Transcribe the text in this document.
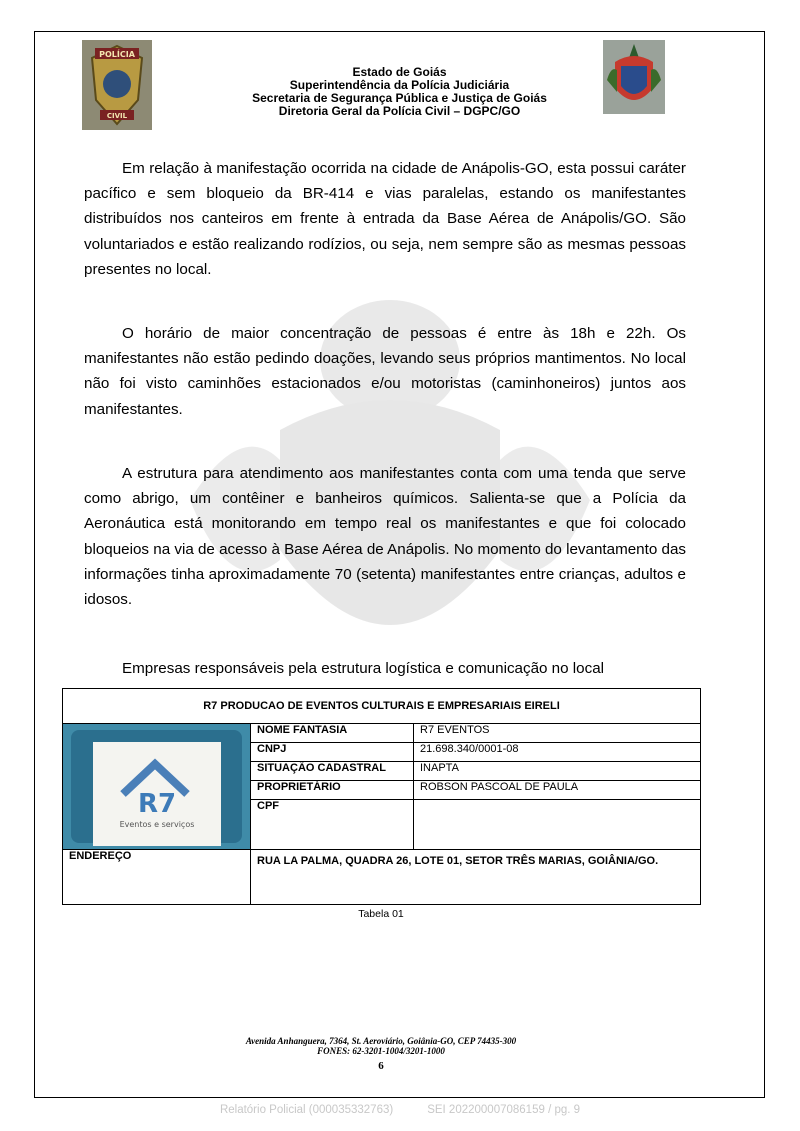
POLÍCIA
CIVIL
Estado de Goiás
Superintendência da Polícia Judiciária
Secretaria de Segurança Pública e Justiça de Goiás
Diretoria Geral da Polícia Civil – DGPC/GO

Em relação à manifestação ocorrida na cidade de Anápolis-GO, esta possui caráter pacífico e sem bloqueio da BR-414 e vias paralelas, estando os manifestantes distribuídos nos canteiros em frente à entrada da Base Aérea de Anápolis/GO. São voluntariados e estão realizando rodízios, ou seja, nem sempre são as mesmas pessoas presentes no local.

O horário de maior concentração de pessoas é entre às 18h e 22h. Os manifestantes não estão pedindo doações, levando seus próprios mantimentos. No local não foi visto caminhões estacionados e/ou motoristas (caminhoneiros) juntos aos manifestantes.

A estrutura para atendimento aos manifestantes conta com uma tenda que serve como abrigo, um contêiner e banheiros químicos. Salienta-se que a Polícia da Aeronáutica está monitorando em tempo real os manifestantes e que foi colocado bloqueios na via de acesso à Base Aérea de Anápolis. No momento do levantamento das informações tinha aproximadamente 70 (setenta) manifestantes entre crianças, adultos e idosos.

Empresas responsáveis pela estrutura logística e comunicação no local
R7 PRODUCAO DE EVENTOS CULTURAIS E EMPRESARIAIS EIRELI		

R7
Eventos e serviços	NOME FANTASIA	R7 EVENTOS
	CNPJ	21.698.340/0001-08
	SITUAÇÃO CADASTRAL	INAPTA
	PROPRIETÁRIO	ROBSON PASCOAL DE PAULA
	CPF	
ENDEREÇO	RUA LA PALMA, QUADRA 26, LOTE 01, SETOR TRÊS MARIAS, GOIÂNIA/GO.	
Tabela 01
Avenida Anhanguera, 7364, St. Aeroviário, Goiânia-GO, CEP 74435-300
FONES: 62-3201-1004/3201-1000
6
Relatório Policial (000035332763)	SEI 202200007086159 / pg. 9
